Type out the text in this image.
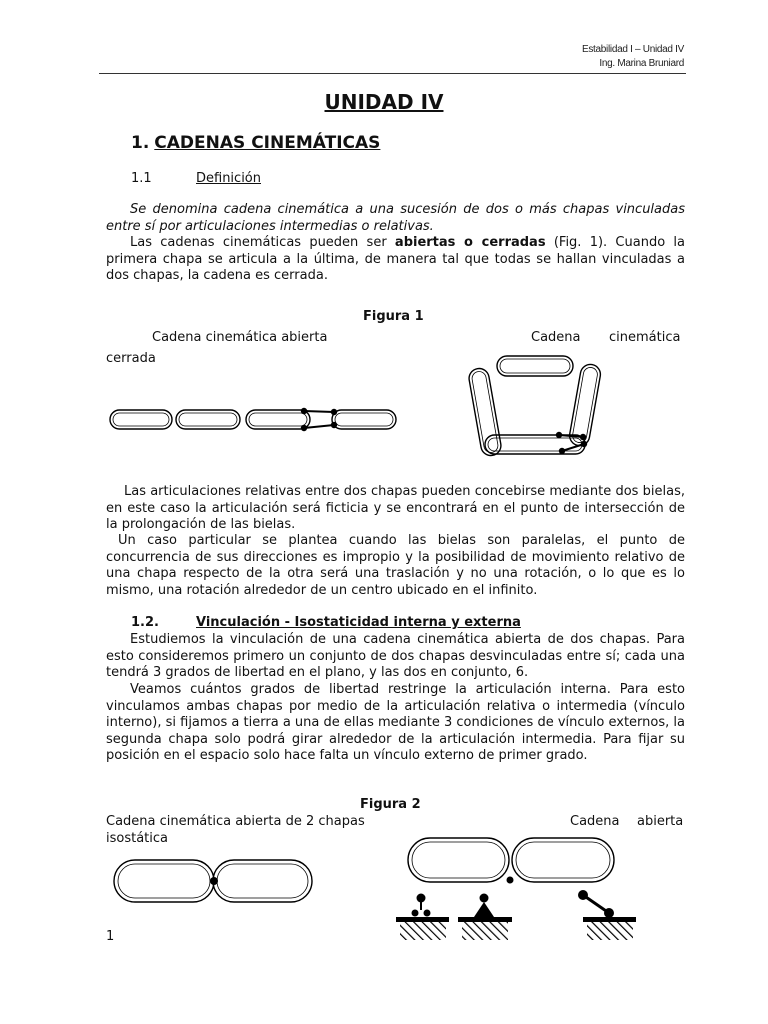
Estabilidad I – Unidad IV
Ing. Marina Bruniard
UNIDAD IV
1. CADENAS CINEMÁTICAS
1.1	Definición
Se denomina cadena cinemática a una sucesión de dos o más chapas vinculadas entre sí por articulaciones intermedias o relativas.
Las cadenas cinemáticas pueden ser abiertas o cerradas (Fig. 1). Cuando la primera chapa se articula a la última, de manera tal que todas se hallan vinculadas a dos chapas, la cadena es cerrada.
Figura 1
Cadena cinemática abierta	Cadena cinemática
cerrada
Las articulaciones relativas entre dos chapas pueden concebirse mediante dos bielas, en este caso la articulación será ficticia y se encontrará en el punto de intersección de la prolongación de las bielas.
Un caso particular se plantea cuando las bielas son paralelas, el punto de concurrencia de sus direcciones es impropio y la posibilidad de movimiento relativo de una chapa respecto de la otra será una traslación y no una rotación, o lo que es lo mismo, una rotación alrededor de un centro ubicado en el infinito.
1.2.	Vinculación - Isostaticidad interna y externa
Estudiemos la vinculación de una cadena cinemática abierta de dos chapas. Para esto consideremos primero un conjunto de dos chapas desvinculadas entre sí; cada una tendrá 3 grados de libertad en el plano, y las dos en conjunto, 6.
Veamos cuántos grados de libertad restringe la articulación interna. Para esto vinculamos ambas chapas por medio de la articulación relativa o intermedia (vínculo interno), si fijamos a tierra a una de ellas mediante 3 condiciones de vínculo externos, la segunda chapa solo podrá girar alrededor de la articulación intermedia. Para fijar su posición en el espacio solo hace falta un vínculo externo de primer grado.
Figura 2
Cadena cinemática abierta de 2 chapas
isostática
Cadena abierta
1
